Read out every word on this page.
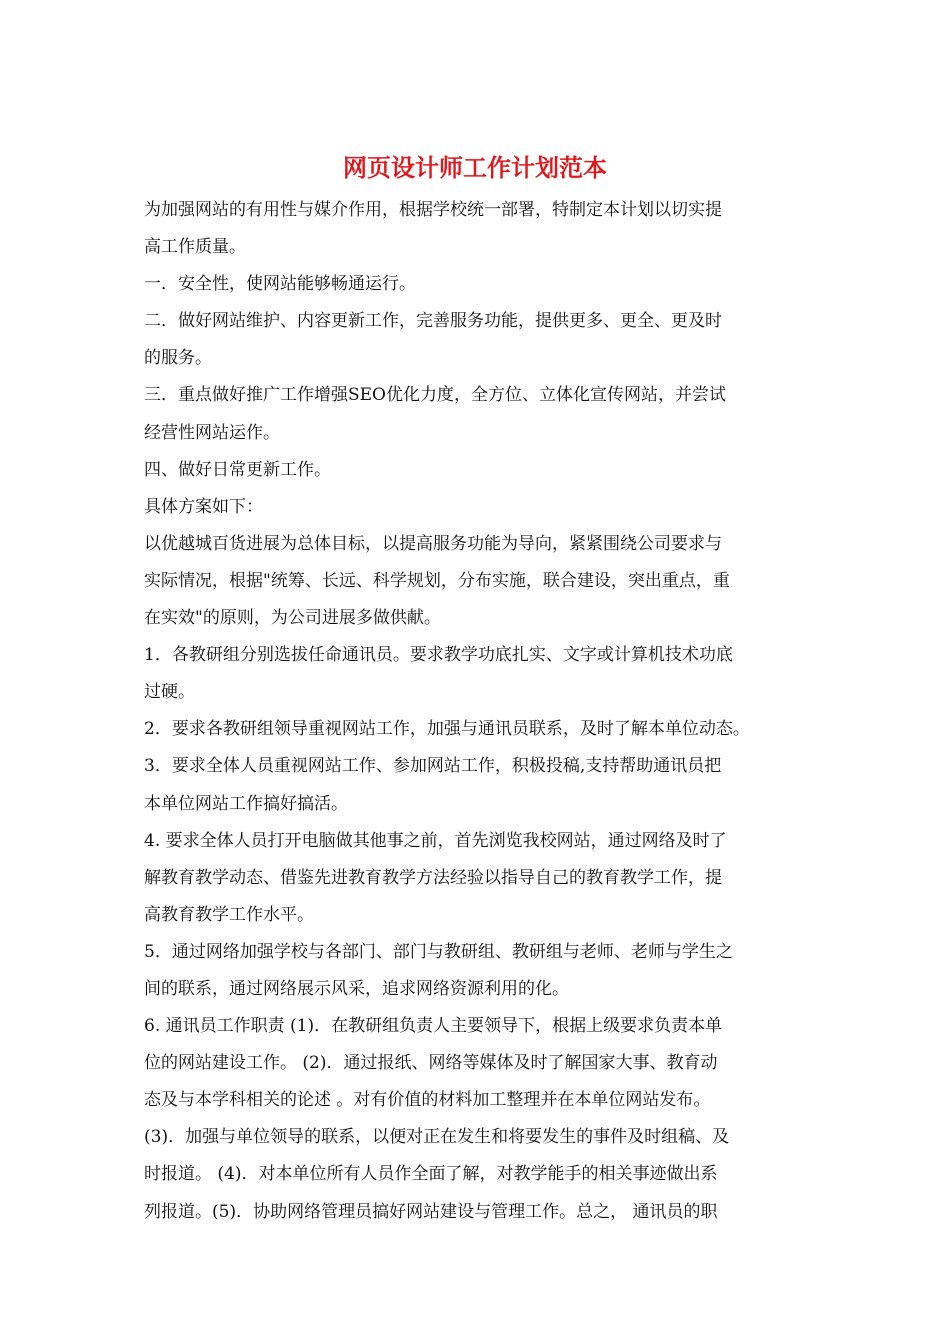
网页设计师工作计划范本
为加强网站的有用性与媒介作用，根据学校统一部署，特制定本计划以切实提
高工作质量。
一．安全性，使网站能够畅通运行。
二．做好网站维护、内容更新工作，完善服务功能，提供更多、更全、更及时
的服务。
三．重点做好推广工作增强SEO优化力度，全方位、立体化宣传网站，并尝试
经营性网站运作。
四、做好日常更新工作。
具体方案如下：
以优越城百货进展为总体目标，以提高服务功能为导向，紧紧围绕公司要求与
实际情况，根据"统筹、长远、科学规划，分布实施，联合建设，突出重点，重
在实效"的原则，为公司进展多做供献。
1．各教研组分别选拔任命通讯员。要求教学功底扎实、文字或计算机技术功底
过硬。
2．要求各教研组领导重视网站工作，加强与通讯员联系，及时了解本单位动态。
3．要求全体人员重视网站工作、参加网站工作，积极投稿,支持帮助通讯员把
本单位网站工作搞好搞活。
4. 要求全体人员打开电脑做其他事之前，首先浏览我校网站，通过网络及时了
解教育教学动态、借鉴先进教育教学方法经验以指导自己的教育教学工作，提
高教育教学工作水平。
5．通过网络加强学校与各部门、部门与教研组、教研组与老师、老师与学生之
间的联系，通过网络展示风采，追求网络资源利用的化。
6. 通讯员工作职责 (1)．在教研组负责人主要领导下，根据上级要求负责本单
位的网站建设工作。 (2)．通过报纸、网络等媒体及时了解国家大事、教育动
态及与本学科相关的论述 。对有价值的材料加工整理并在本单位网站发布。
(3)．加强与单位领导的联系，以便对正在发生和将要发生的事件及时组稿、及
时报道。 (4)．对本单位所有人员作全面了解，对教学能手的相关事迹做出系
列报道。(5)．协助网络管理员搞好网站建设与管理工作。总之， 通讯员的职
